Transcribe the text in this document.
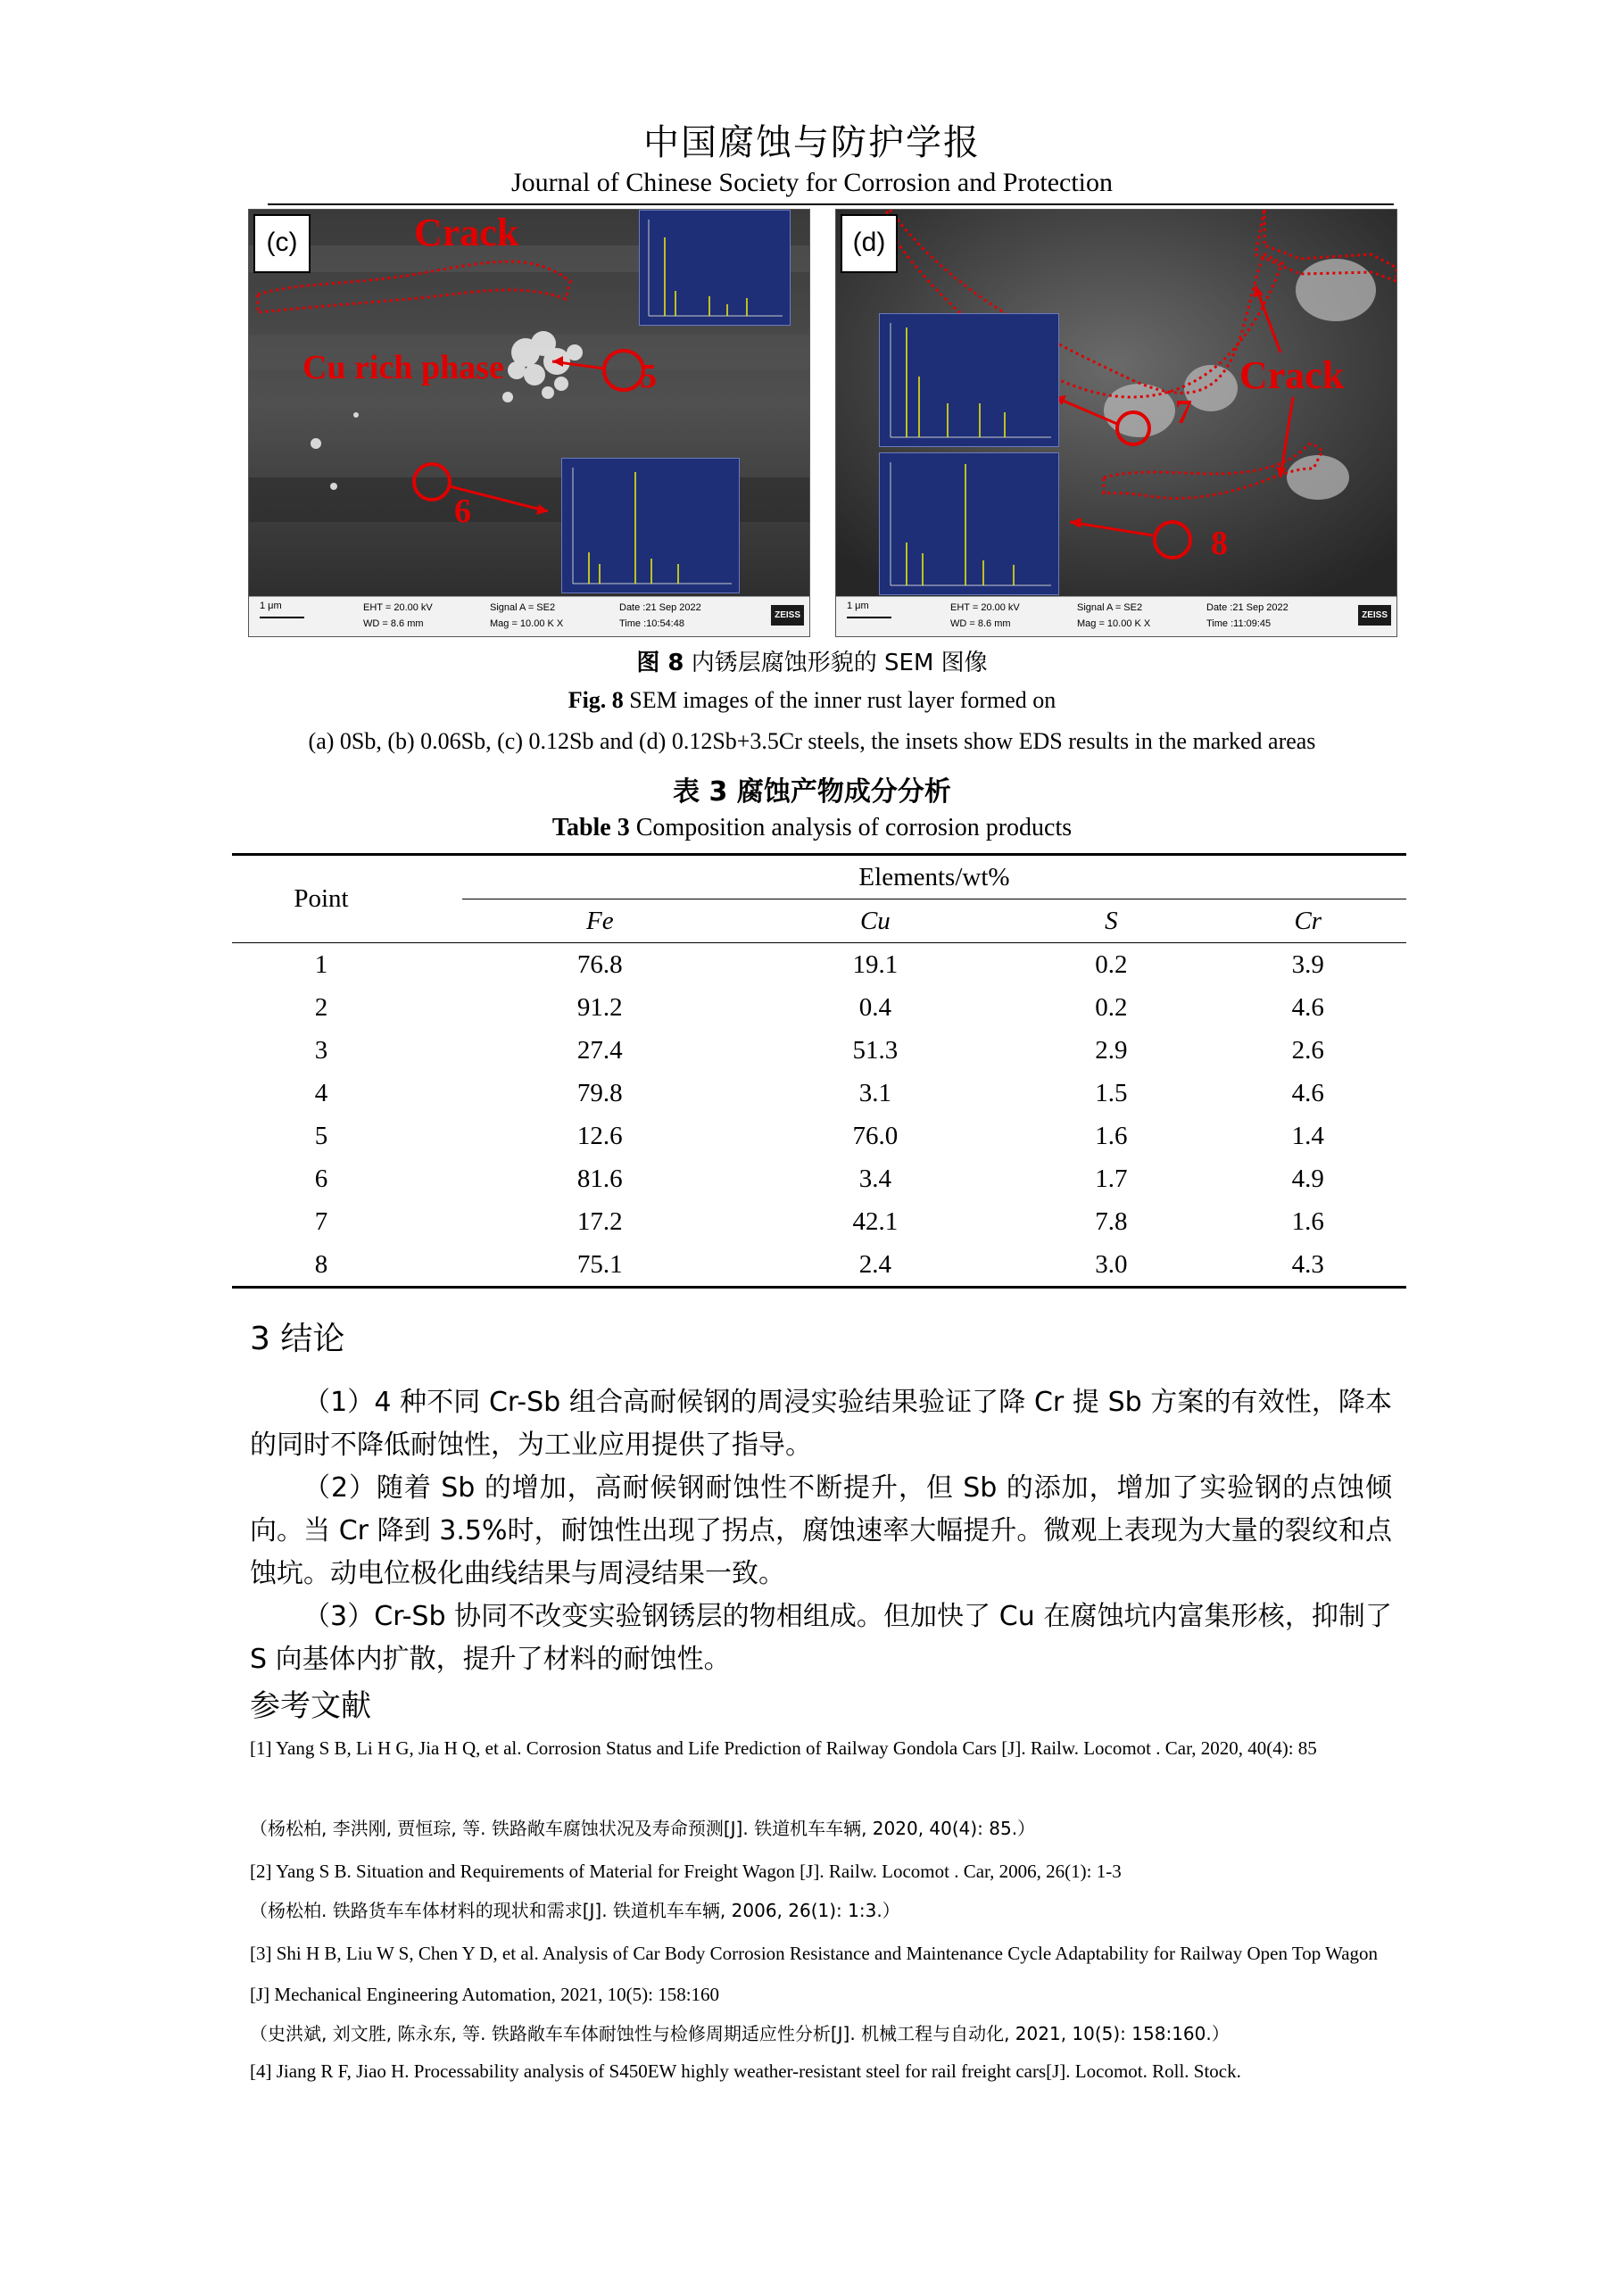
中国腐蚀与防护学报
Journal of Chinese Society for Corrosion and Protection
(c)	Crack
Cu rich phase	5
6
1 μm	EHT = 20.00 kV
WD = 8.6 mm
Signal A = SE2
Mag = 10.00 K X
Date :21 Sep 2022
Time :10:54:48
ZEISS
(d)
Crack
7
8
1 μm	EHT = 20.00 kV
WD = 8.6 mm
Signal A = SE2
Mag = 10.00 K X
Date :21 Sep 2022
Time :11:09:45
ZEISS
图 8 内锈层腐蚀形貌的 SEM 图像
Fig. 8 SEM images of the inner rust layer formed on
(a) 0Sb, (b) 0.06Sb, (c) 0.12Sb and (d) 0.12Sb+3.5Cr steels, the insets show EDS results in the marked areas
表 3 腐蚀产物成分分析
Table 3 Composition analysis of corrosion products
Point		Elements/wt%			
		Fe	Cu	S	Cr
1		76.8	19.1	0.2	3.9
2		91.2	0.4	0.2	4.6
3		27.4	51.3	2.9	2.6
4		79.8	3.1	1.5	4.6
5		12.6	76.0	1.6	1.4
6		81.6	3.4	1.7	4.9
7		17.2	42.1	7.8	1.6
8		75.1	2.4	3.0	4.3
3 结论
（1）4 种不同 Cr-Sb 组合高耐候钢的周浸实验结果验证了降 Cr 提 Sb 方案的有效性，降本的同时不降低耐蚀性，为工业应用提供了指导。
（2）随着 Sb 的增加，高耐候钢耐蚀性不断提升，但 Sb 的添加，增加了实验钢的点蚀倾向。当 Cr 降到 3.5%时，耐蚀性出现了拐点，腐蚀速率大幅提升。微观上表现为大量的裂纹和点蚀坑。动电位极化曲线结果与周浸结果一致。
（3）Cr-Sb 协同不改变实验钢锈层的物相组成。但加快了 Cu 在腐蚀坑内富集形核，抑制了 S 向基体内扩散，提升了材料的耐蚀性。
参考文献
[1] Yang S B, Li H G, Jia H Q, et al. Corrosion Status and Life Prediction of Railway Gondola Cars [J]. Railw. Locomot . Car, 2020, 40(4): 85
（杨松柏, 李洪刚, 贾恒琮, 等. 铁路敞车腐蚀状况及寿命预测[J]. 铁道机车车辆, 2020, 40(4): 85.）
[2] Yang S B. Situation and Requirements of Material for Freight Wagon [J]. Railw. Locomot . Car, 2006, 26(1): 1-3
（杨松柏. 铁路货车车体材料的现状和需求[J]. 铁道机车车辆, 2006, 26(1): 1:3.）
[3] Shi H B, Liu W S, Chen Y D, et al. Analysis of Car Body Corrosion Resistance and Maintenance Cycle Adaptability for Railway Open Top Wagon [J] Mechanical Engineering Automation, 2021, 10(5): 158:160
（史洪斌, 刘文胜, 陈永东, 等. 铁路敞车车体耐蚀性与检修周期适应性分析[J]. 机械工程与自动化, 2021, 10(5): 158:160.）
[4] Jiang R F, Jiao H. Processability analysis of S450EW highly weather-resistant steel for rail freight cars[J]. Locomot. Roll. Stock.
